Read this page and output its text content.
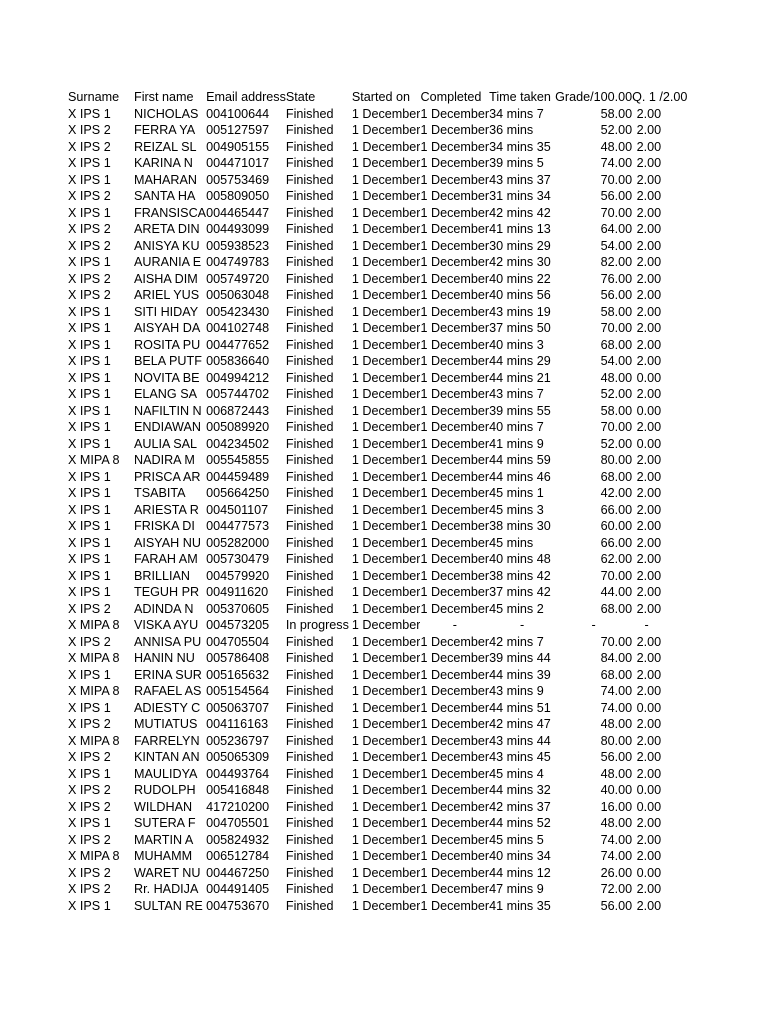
Surname	First name	Email address	State	Started on	Completed	Time taken	Grade/100.00	Q. 1 /2.00
X IPS 1	NICHOLAS	004100644	Finished	1 December	1 December	34 mins 7	58.00	2.00
X IPS 2	FERRA YA	005127597	Finished	1 December	1 December	36 mins	52.00	2.00
X IPS 2	REIZAL SL	004905155	Finished	1 December	1 December	34 mins 35	48.00	2.00
X IPS 1	KARINA N	004471017	Finished	1 December	1 December	39 mins 5	74.00	2.00
X IPS 1	MAHARAN	005753469	Finished	1 December	1 December	43 mins 37	70.00	2.00
X IPS 2	SANTA HA	005809050	Finished	1 December	1 December	31 mins 34	56.00	2.00
X IPS 1	FRANSISCA	004465447	Finished	1 December	1 December	42 mins 42	70.00	2.00
X IPS 2	ARETA DIN	004493099	Finished	1 December	1 December	41 mins 13	64.00	2.00
X IPS 2	ANISYA KU	005938523	Finished	1 December	1 December	30 mins 29	54.00	2.00
X IPS 1	AURANIA E	004749783	Finished	1 December	1 December	42 mins 30	82.00	2.00
X IPS 2	AISHA DIM	005749720	Finished	1 December	1 December	40 mins 22	76.00	2.00
X IPS 2	ARIEL YUS	005063048	Finished	1 December	1 December	40 mins 56	56.00	2.00
X IPS 1	SITI HIDAY	005423430	Finished	1 December	1 December	43 mins 19	58.00	2.00
X IPS 1	AISYAH DA	004102748	Finished	1 December	1 December	37 mins 50	70.00	2.00
X IPS 1	ROSITA PU	004477652	Finished	1 December	1 December	40 mins 3	68.00	2.00
X IPS 1	BELA PUTF	005836640	Finished	1 December	1 December	44 mins 29	54.00	2.00
X IPS 1	NOVITA BE	004994212	Finished	1 December	1 December	44 mins 21	48.00	0.00
X IPS 1	ELANG SA	005744702	Finished	1 December	1 December	43 mins 7	52.00	2.00
X IPS 1	NAFILTIN N	006872443	Finished	1 December	1 December	39 mins 55	58.00	0.00
X IPS 1	ENDIAWAN	005089920	Finished	1 December	1 December	40 mins 7	70.00	2.00
X IPS 1	AULIA SAL	004234502	Finished	1 December	1 December	41 mins 9	52.00	0.00
X MIPA 8	NADIRA M	005545855	Finished	1 December	1 December	44 mins 59	80.00	2.00
X IPS 1	PRISCA AR	004459489	Finished	1 December	1 December	44 mins 46	68.00	2.00
X IPS 1	TSABITA	005664250	Finished	1 December	1 December	45 mins 1	42.00	2.00
X IPS 1	ARIESTA R	004501107	Finished	1 December	1 December	45 mins 3	66.00	2.00
X IPS 1	FRISKA DI	004477573	Finished	1 December	1 December	38 mins 30	60.00	2.00
X IPS 1	AISYAH NU	005282000	Finished	1 December	1 December	45 mins	66.00	2.00
X IPS 1	FARAH AM	005730479	Finished	1 December	1 December	40 mins 48	62.00	2.00
X IPS 1	BRILLIAN	004579920	Finished	1 December	1 December	38 mins 42	70.00	2.00
X IPS 1	TEGUH PR	004911620	Finished	1 December	1 December	37 mins 42	44.00	2.00
X IPS 2	ADINDA N	005370605	Finished	1 December	1 December	45 mins 2	68.00	2.00
X MIPA 8	VISKA AYU	004573205	In progress	1 December	-	-	-	-
X IPS 2	ANNISA PU	004705504	Finished	1 December	1 December	42 mins 7	70.00	2.00
X MIPA 8	HANIN NU	005786408	Finished	1 December	1 December	39 mins 44	84.00	2.00
X IPS 1	ERINA SUR	005165632	Finished	1 December	1 December	44 mins 39	68.00	2.00
X MIPA 8	RAFAEL AS	005154564	Finished	1 December	1 December	43 mins 9	74.00	2.00
X IPS 1	ADIESTY C	005063707	Finished	1 December	1 December	44 mins 51	74.00	0.00
X IPS 2	MUTIATUS	004116163	Finished	1 December	1 December	42 mins 47	48.00	2.00
X MIPA 8	FARRELYN	005236797	Finished	1 December	1 December	43 mins 44	80.00	2.00
X IPS 2	KINTAN AN	005065309	Finished	1 December	1 December	43 mins 45	56.00	2.00
X IPS 1	MAULIDYA	004493764	Finished	1 December	1 December	45 mins 4	48.00	2.00
X IPS 2	RUDOLPH	005416848	Finished	1 December	1 December	44 mins 32	40.00	0.00
X IPS 2	WILDHAN	417210200	Finished	1 December	1 December	42 mins 37	16.00	0.00
X IPS 1	SUTERA F	004705501	Finished	1 December	1 December	44 mins 52	48.00	2.00
X IPS 2	MARTIN A	005824932	Finished	1 December	1 December	45 mins 5	74.00	2.00
X MIPA 8	MUHAMM	006512784	Finished	1 December	1 December	40 mins 34	74.00	2.00
X IPS 2	WARET NU	004467250	Finished	1 December	1 December	44 mins 12	26.00	0.00
X IPS 2	Rr. HADIJA	004491405	Finished	1 December	1 December	47 mins 9	72.00	2.00
X IPS 1	SULTAN RE	004753670	Finished	1 December	1 December	41 mins 35	56.00	2.00
